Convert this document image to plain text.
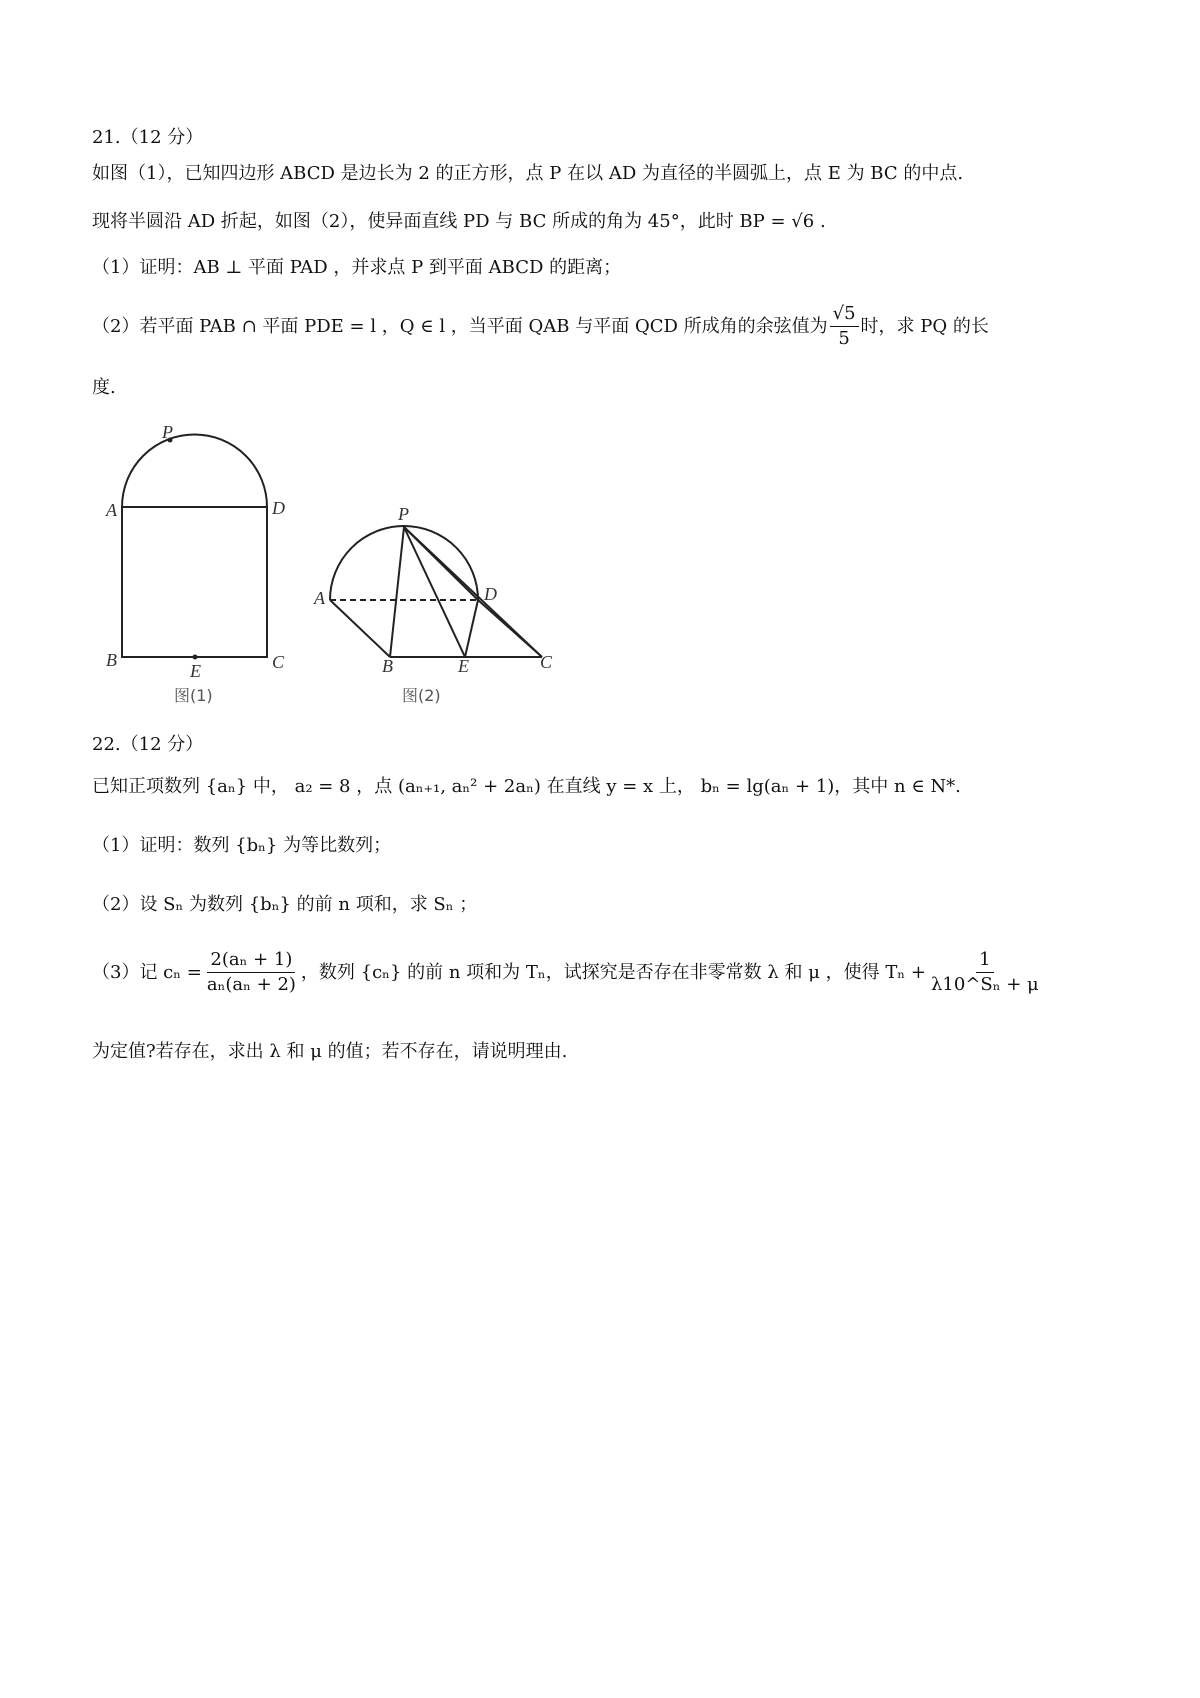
21.（12 分）
如图（1），已知四边形 ABCD 是边长为 2 的正方形，点 P 在以 AD 为直径的半圆弧上，点 E 为 BC 的中点.
现将半圆沿 AD 折起，如图（2），使异面直线 PD 与 BC 所成的角为 45°，此时 BP = √6 .
（1）证明：AB ⊥ 平面 PAD ，并求点 P 到平面 ABCD 的距离；
（2）若平面 PAB ∩ 平面 PDE = l ，Q ∈ l ，当平面 QAB 与平面 QCD 所成角的余弦值为 $\frac{√5}{5}$ 时，求 PQ 的长
度.
P
A	D
B	C
E
图(1)
P
A	D
B	C
E
图(2)
22.（12 分）
已知正项数列 {aₙ} 中， a₂ = 8 ，点 (aₙ₊₁, aₙ² + 2aₙ) 在直线 y = x 上， bₙ = lg(aₙ + 1)，其中 n ∈ N*.
（1）证明：数列 {bₙ} 为等比数列；
（2）设 Sₙ 为数列 {bₙ} 的前 n 项和，求 Sₙ ；
（3）记 $c_n = \frac{\text{2(aₙ + 1)}}{\text{aₙ(aₙ + 2)}}$ ，数列 {cₙ} 的前 n 项和为 Tₙ，试探究是否存在非零常数 λ 和 μ ，使得 $T_n + \frac{1}{\text{λ10\textasciicircum{}Sₙ + μ}}$
为定值?若存在，求出 λ 和 μ 的值；若不存在，请说明理由.
